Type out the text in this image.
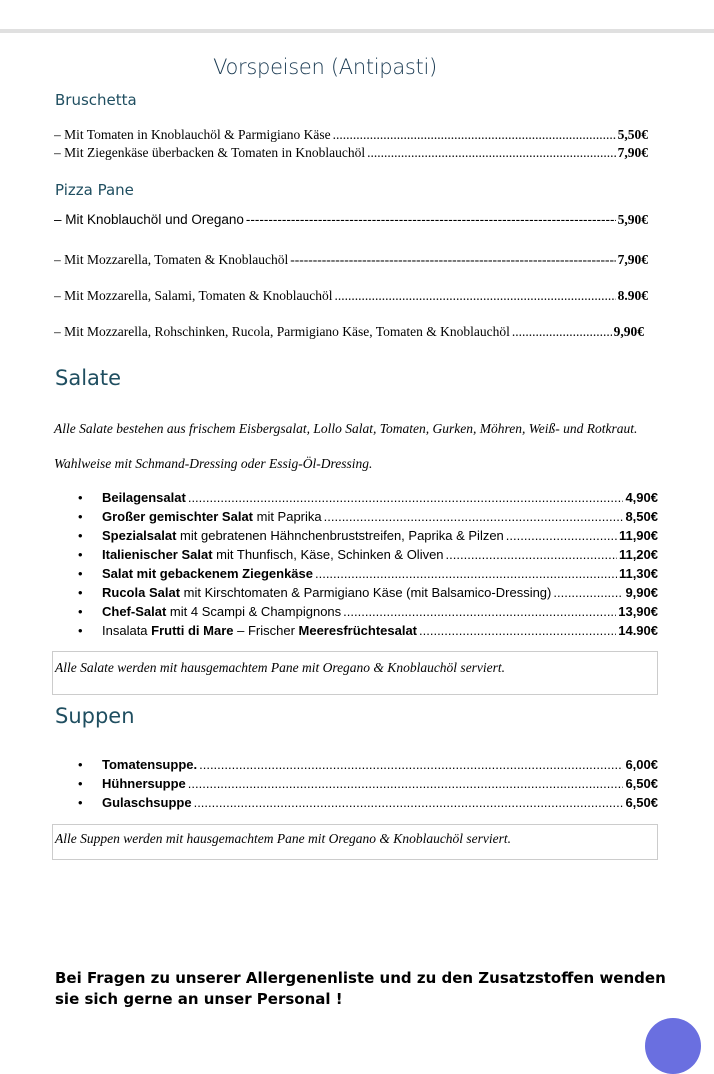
Vorspeisen (Antipasti)
Bruschetta
– Mit Tomaten in Knoblauchöl & Parmigiano Käse .....	5,50€
– Mit Ziegenkäse überbacken & Tomaten in Knoblauchöl .....	7,90€
Pizza Pane
– Mit Knoblauchöl und Oregano -----	5,90€
– Mit Mozzarella, Tomaten & Knoblauchöl -----	7,90€
– Mit Mozzarella, Salami, Tomaten & Knoblauchöl .....	8.90€
– Mit Mozzarella, Rohschinken, Rucola, Parmigiano Käse, Tomaten & Knoblauchöl .....	9,90€
Salate
Alle Salate bestehen aus frischem Eisbergsalat, Lollo Salat, Tomaten, Gurken, Möhren, Weiß- und Rotkraut.
Wahlweise mit Schmand-Dressing oder Essig-Öl-Dressing.
• Beilagensalat .....	4,90€
• Großer gemischter Salat mit Paprika .....	8,50€
• Spezialsalat mit gebratenen Hähnchenbruststreifen, Paprika & Pilzen .....	11,90€
• Italienischer Salat mit Thunfisch, Käse, Schinken & Oliven .....	11,20€
• Salat mit gebackenem Ziegenkäse .....	11,30€
• Rucola Salat mit Kirschtomaten & Parmigiano Käse (mit Balsamico-Dressing) .....	9,90€
• Chef-Salat mit 4 Scampi & Champignons .....	13,90€
• Insalata Frutti di Mare – Frischer Meeresfrüchtesalat .....	14.90€
Alle Salate werden mit hausgemachtem Pane mit Oregano & Knoblauchöl serviert.
Suppen
• Tomatensuppe. .....	6,00€
• Hühnersuppe .....	6,50€
• Gulaschsuppe .....	6,50€
Alle Suppen werden mit hausgemachtem Pane mit Oregano & Knoblauchöl serviert.
Bei Fragen zu unserer Allergenenliste und zu den Zusatzstoffen wenden sie sich gerne an unser Personal !
